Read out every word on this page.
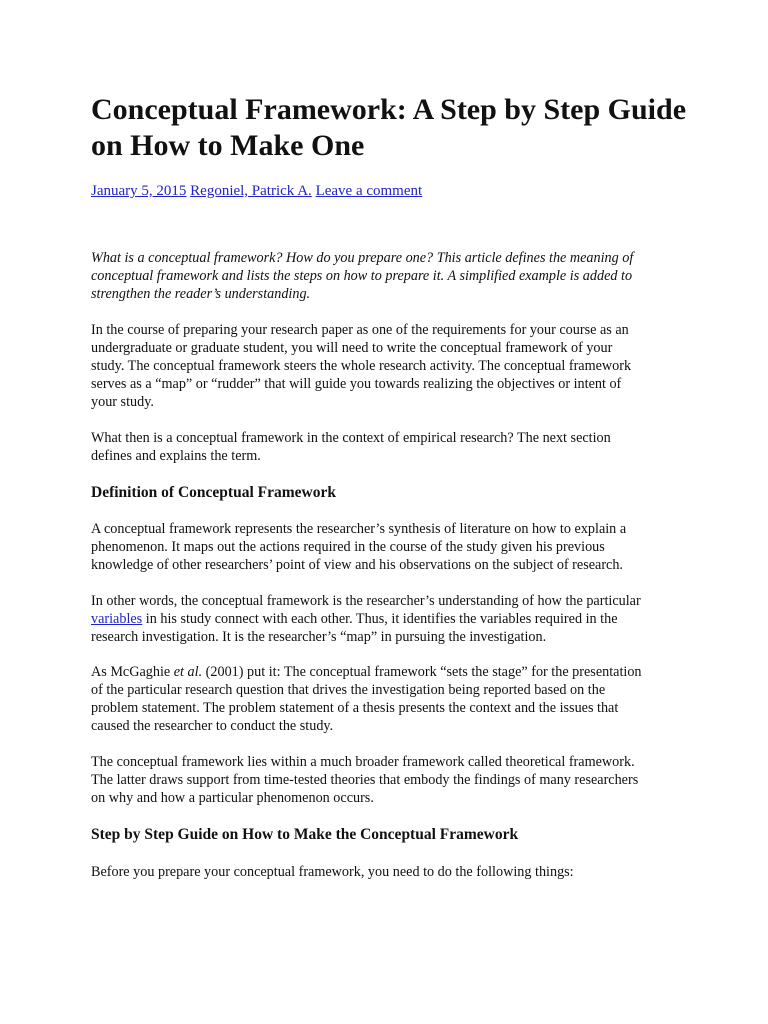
Conceptual Framework: A Step by Step Guide on How to Make One
January 5, 2015 Regoniel, Patrick A. Leave a comment

What is a conceptual framework? How do you prepare one? This article defines the meaning of
conceptual framework and lists the steps on how to prepare it. A simplified example is added to
strengthen the reader’s understanding.

In the course of preparing your research paper as one of the requirements for your course as an
undergraduate or graduate student, you will need to write the conceptual framework of your
study. The conceptual framework steers the whole research activity. The conceptual framework
serves as a “map” or “rudder” that will guide you towards realizing the objectives or intent of
your study.

What then is a conceptual framework in the context of empirical research? The next section
defines and explains the term.

Definition of Conceptual Framework

A conceptual framework represents the researcher’s synthesis of literature on how to explain a
phenomenon. It maps out the actions required in the course of the study given his previous
knowledge of other researchers’ point of view and his observations on the subject of research.

In other words, the conceptual framework is the researcher’s understanding of how the particular
variables in his study connect with each other. Thus, it identifies the variables required in the
research investigation. It is the researcher’s “map” in pursuing the investigation.

As McGaghie et al. (2001) put it: The conceptual framework “sets the stage” for the presentation
of the particular research question that drives the investigation being reported based on the
problem statement. The problem statement of a thesis presents the context and the issues that
caused the researcher to conduct the study.

The conceptual framework lies within a much broader framework called theoretical framework.
The latter draws support from time-tested theories that embody the findings of many researchers
on why and how a particular phenomenon occurs.

Step by Step Guide on How to Make the Conceptual Framework

Before you prepare your conceptual framework, you need to do the following things:
